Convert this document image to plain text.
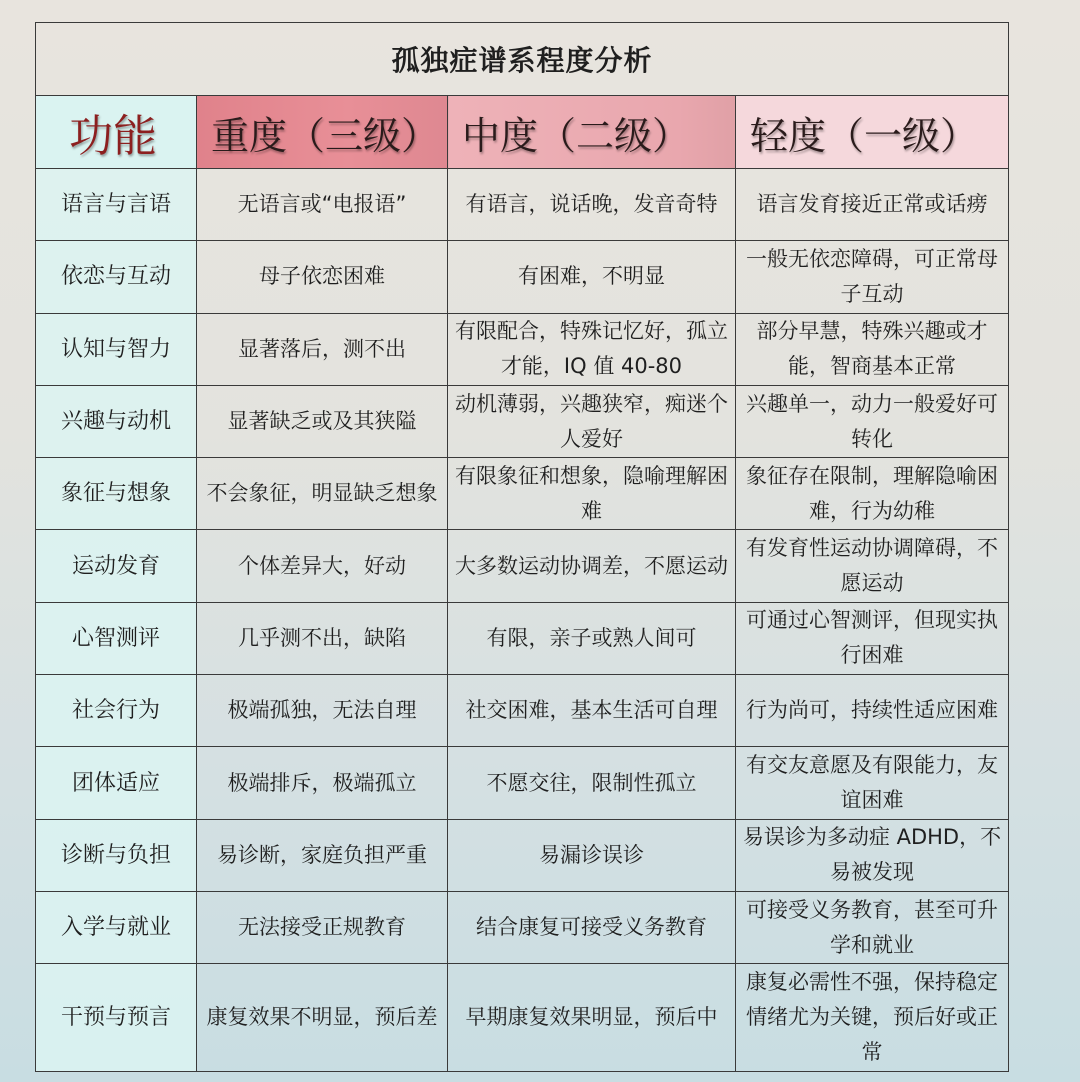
孤独症谱系程度分析			
功能	重度（三级）	中度（二级）	轻度（一级）
语言与言语	无语言或“电报语”	有语言，说话晚，发音奇特	语言发育接近正常或话痨
依恋与互动	母子依恋困难	有困难，不明显	一般无依恋障碍，可正常母子互动
认知与智力	显著落后，测不出	有限配合，特殊记忆好，孤立才能，IQ 值 40-80	部分早慧，特殊兴趣或才能，智商基本正常
兴趣与动机	显著缺乏或及其狭隘	动机薄弱，兴趣狭窄，痴迷个人爱好	兴趣单一，动力一般爱好可转化
象征与想象	不会象征，明显缺乏想象	有限象征和想象，隐喻理解困难	象征存在限制，理解隐喻困难，行为幼稚
运动发育	个体差异大，好动	大多数运动协调差，不愿运动	有发育性运动协调障碍，不愿运动
心智测评	几乎测不出，缺陷	有限，亲子或熟人间可	可通过心智测评，但现实执行困难
社会行为	极端孤独，无法自理	社交困难，基本生活可自理	行为尚可，持续性适应困难
团体适应	极端排斥，极端孤立	不愿交往，限制性孤立	有交友意愿及有限能力，友谊困难
诊断与负担	易诊断，家庭负担严重	易漏诊误诊	易误诊为多动症 ADHD，不易被发现
入学与就业	无法接受正规教育	结合康复可接受义务教育	可接受义务教育，甚至可升学和就业
干预与预言	康复效果不明显，预后差	早期康复效果明显，预后中	康复必需性不强，保持稳定情绪尤为关键，预后好或正常
